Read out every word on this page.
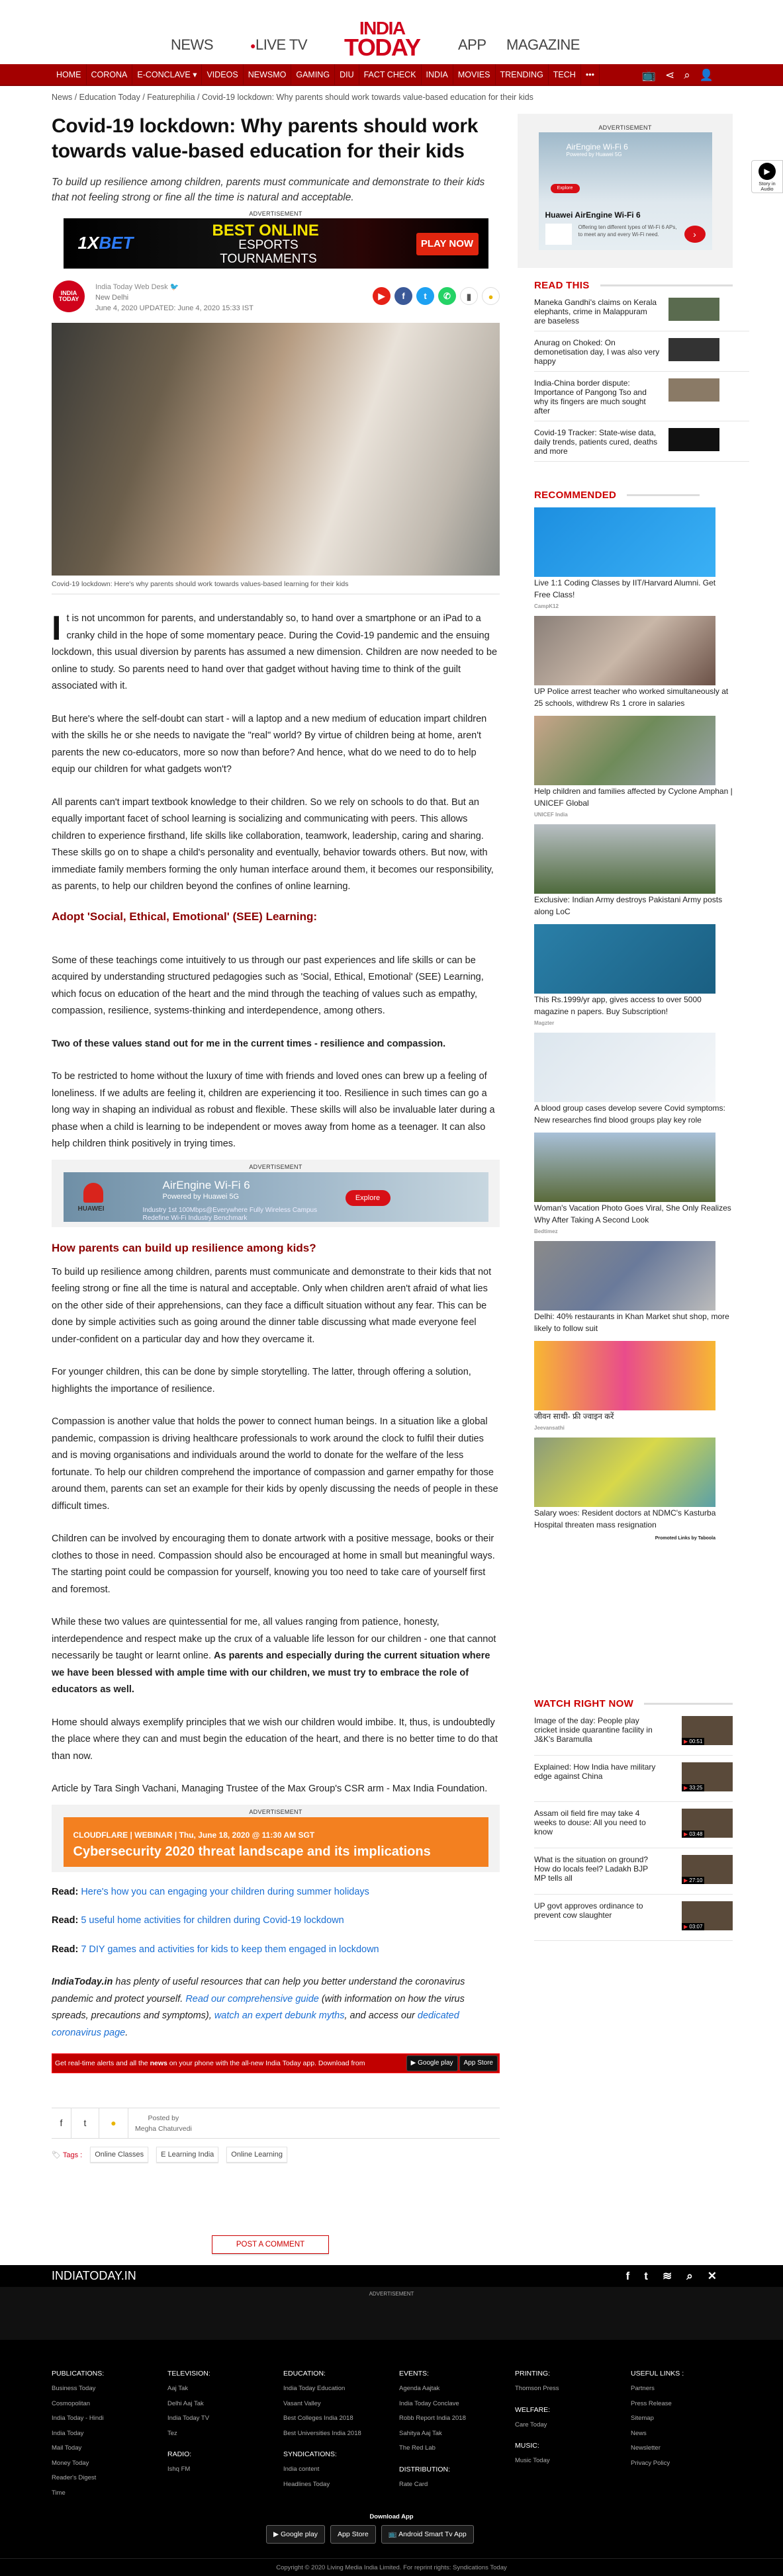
NEWS	●LIVE TV
INDIA
TODAY	APP MAGAZINE
HOME	CORONA	E-CONCLAVE ▾	VIDEOS	NEWSMO	GAMING	DIU	FACT CHECK	INDIA	MOVIES	TRENDING	TECH	•••	📺 ⋖ ⌕ 👤
News / Education Today / Featurephilia / Covid-19 lockdown: Why parents should work towards value-based education for their kids
Covid-19 lockdown: Why parents should work towards value-based education for their kids

To build up resilience among children, parents must communicate and demonstrate to their kids that not feeling strong or fine all the time is natural and acceptable.

ADVERTISEMENT
1XBET
BEST ONLINE
ESPORTS TOURNAMENTS
PLAY NOW
INDIA TODAY
India Today Web Desk 🐦
New Delhi
June 4, 2020 UPDATED: June 4, 2020 15:33 IST
▶	f	t	✆	▮	●
Covid-19 lockdown: Here's why parents should work towards values-based learning for their kids

It is not uncommon for parents, and understandably so, to hand over a smartphone or an iPad to a cranky child in the hope of some momentary peace. During the Covid-19 pandemic and the ensuing lockdown, this usual diversion by parents has assumed a new dimension. Children are now needed to be online to study. So parents need to hand over that gadget without having time to think of the guilt associated with it.

But here's where the self-doubt can start - will a laptop and a new medium of education impart children with the skills he or she needs to navigate the "real" world? By virtue of children being at home, aren't parents the new co-educators, more so now than before? And hence, what do we need to do to help equip our children for what gadgets won't?

All parents can't impart textbook knowledge to their children. So we rely on schools to do that. But an equally important facet of school learning is socializing and communicating with peers. This allows children to experience firsthand, life skills like collaboration, teamwork, leadership, caring and sharing. These skills go on to shape a child's personality and eventually, behavior towards others. But now, with immediate family members forming the only human interface around them, it becomes our responsibility, as parents, to help our children beyond the confines of online learning.

Adopt 'Social, Ethical, Emotional' (SEE) Learning:

Some of these teachings come intuitively to us through our past experiences and life skills or can be acquired by understanding structured pedagogies such as 'Social, Ethical, Emotional' (SEE) Learning, which focus on education of the heart and the mind through the teaching of values such as empathy, compassion, resilience, systems-thinking and interdependence, among others.

Two of these values stand out for me in the current times - resilience and compassion.

To be restricted to home without the luxury of time with friends and loved ones can brew up a feeling of loneliness. If we adults are feeling it, children are experiencing it too. Resilience in such times can go a long way in shaping an individual as robust and flexible. These skills will also be invaluable later during a phase when a child is learning to be independent or moves away from home as a teenager. It can also help children think positively in trying times.

ADVERTISEMENT
HUAWEI
AirEngine Wi-Fi 6
Powered by Huawei 5G
Industry 1st 100Mbps@Everywhere Fully Wireless Campus
Redefine Wi-Fi Industry Benchmark
Explore
How parents can build up resilience among kids?

To build up resilience among children, parents must communicate and demonstrate to their kids that not feeling strong or fine all the time is natural and acceptable. Only when children aren't afraid of what lies on the other side of their apprehensions, can they face a difficult situation without any fear. This can be done by simple activities such as going around the dinner table discussing what made everyone feel under-confident on a particular day and how they overcame it.

For younger children, this can be done by simple storytelling. The latter, through offering a solution, highlights the importance of resilience.

Compassion is another value that holds the power to connect human beings. In a situation like a global pandemic, compassion is driving healthcare professionals to work around the clock to fulfil their duties and is moving organisations and individuals around the world to donate for the welfare of the less fortunate. To help our children comprehend the importance of compassion and garner empathy for those around them, parents can set an example for their kids by openly discussing the needs of people in these difficult times.

Children can be involved by encouraging them to donate artwork with a positive message, books or their clothes to those in need. Compassion should also be encouraged at home in small but meaningful ways. The starting point could be compassion for yourself, knowing you too need to take care of yourself first and foremost.

While these two values are quintessential for me, all values ranging from patience, honesty, interdependence and respect make up the crux of a valuable life lesson for our children - one that cannot necessarily be taught or learnt online. As parents and especially during the current situation where we have been blessed with ample time with our children, we must try to embrace the role of educators as well.

Home should always exemplify principles that we wish our children would imbibe. It, thus, is undoubtedly the place where they can and must begin the education of the heart, and there is no better time to do that than now.

Article by Tara Singh Vachani, Managing Trustee of the Max Group's CSR arm - Max India Foundation.

ADVERTISEMENT
CLOUDFLARE | WEBINAR | Thu, June 18, 2020 @ 11:30 AM SGT
Cybersecurity 2020 threat landscape and its implications

Read: Here's how you can engaging your children during summer holidays

Read: 5 useful home activities for children during Covid-19 lockdown

Read: 7 DIY games and activities for kids to keep them engaged in lockdown

IndiaToday.in has plenty of useful resources that can help you better understand the coronavirus pandemic and protect yourself. Read our comprehensive guide (with information on how the virus spreads, precautions and symptoms), watch an expert debunk myths, and access our dedicated coronavirus page.

Get real-time alerts and all the news on your phone with the all-new India Today app. Download from	▶ Google play	App Store
f	t	●	Posted by
Megha Chaturvedi
🏷 Tags :	Online Classes	E Learning India	Online Learning
POST A COMMENT
▶
Story in Audio
ADVERTISEMENT
AirEngine Wi-Fi 6
Powered by Huawei 5G
Explore
Huawei AirEngine Wi-Fi 6
Offering ten different types of Wi-Fi 6 APs, to meet any and every Wi-Fi need.	›
READ THIS
Maneka Gandhi's claims on Kerala elephants, crime in Malappuram are baseless
Anurag on Choked: On demonetisation day, I was also very happy
India-China border dispute: Importance of Pangong Tso and why its fingers are much sought after
Covid-19 Tracker: State-wise data, daily trends, patients cured, deaths and more
RECOMMENDED
Live 1:1 Coding Classes by IIT/Harvard Alumni. Get Free Class!
CampK12
UP Police arrest teacher who worked simultaneously at 25 schools, withdrew Rs 1 crore in salaries
Help children and families affected by Cyclone Amphan | UNICEF Global
UNICEF India
Exclusive: Indian Army destroys Pakistani Army posts along LoC
This Rs.1999/yr app, gives access to over 5000 magazine n papers. Buy Subscription!
Magzter
A blood group cases develop severe Covid symptoms: New researches find blood groups play key role
Woman's Vacation Photo Goes Viral, She Only Realizes Why After Taking A Second Look
Bedtimez
Delhi: 40% restaurants in Khan Market shut shop, more likely to follow suit
जीवन साथी- फ्री ज्वाइन करें
Jeevansathi
Salary woes: Resident doctors at NDMC's Kasturba Hospital threaten mass resignation
Promoted Links by Taboola
WATCH RIGHT NOW
Image of the day: People play cricket inside quarantine facility in J&K's Baramulla	▶ 00:51
Explained: How India have military edge against China
▶ 33:25
Assam oil field fire may take 4 weeks to douse: All you need to know	▶ 03:48
What is the situation on ground? How do locals feel? Ladakh BJP MP tells all	▶ 27:10
UP govt approves ordinance to prevent cow slaughter
▶ 03:07
INDIATODAY.IN	f t ≋ ⌕ ✕
ADVERTISEMENT
PUBLICATIONS:
Business Today
Cosmopolitan
India Today - Hindi
India Today
Mail Today
Money Today
Reader's Digest
Time
TELEVISION:
Aaj Tak
Delhi Aaj Tak
India Today TV
Tez
RADIO:
Ishq FM
EDUCATION:
India Today Education
Vasant Valley
Best Colleges India 2018
Best Universities India 2018
SYNDICATIONS:
India content
Headlines Today
EVENTS:
Agenda Aajtak
India Today Conclave
Robb Report India 2018
Sahitya Aaj Tak
The Red Lab
DISTRIBUTION:
Rate Card
PRINTING:
Thomson Press
WELFARE:
Care Today
MUSIC:
Music Today
USEFUL LINKS :
Partners
Press Release
Sitemap
News
Newsletter
Privacy Policy
Download App
▶ Google play	App Store	📺 Android Smart Tv App
Copyright © 2020 Living Media India Limited. For reprint rights: Syndications Today
